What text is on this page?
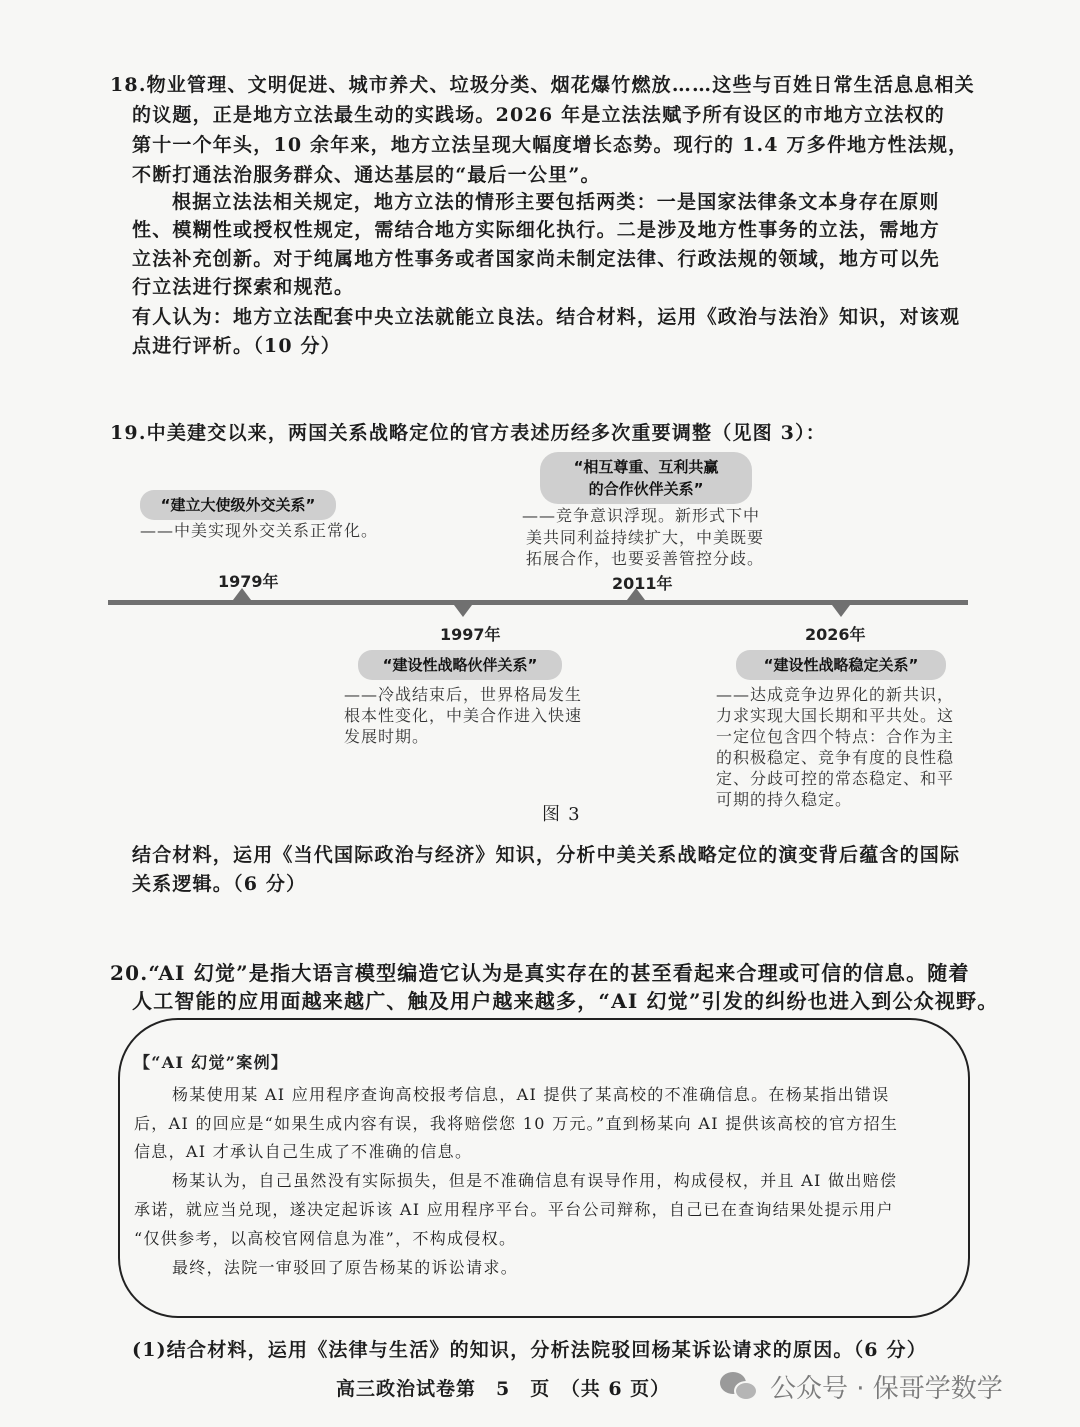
18.物业管理、文明促进、城市养犬、垃圾分类、烟花爆竹燃放……这些与百姓日常生活息息相关
的议题，正是地方立法最生动的实践场。2026 年是立法法赋予所有设区的市地方立法权的
第十一个年头，10 余年来，地方立法呈现大幅度增长态势。现行的 1.4 万多件地方性法规，
不断打通法治服务群众、通达基层的“最后一公里”。
根据立法法相关规定，地方立法的情形主要包括两类：一是国家法律条文本身存在原则
性、模糊性或授权性规定，需结合地方实际细化执行。二是涉及地方性事务的立法，需地方
立法补充创新。对于纯属地方性事务或者国家尚未制定法律、行政法规的领域，地方可以先
行立法进行探索和规范。
有人认为：地方立法配套中央立法就能立良法。结合材料，运用《政治与法治》知识，对该观
点进行评析。（10 分）
19.中美建交以来，两国关系战略定位的官方表述历经多次重要调整（见图 3）：
“建立大使级外交关系”
——中美实现外交关系正常化。
1979年
“相互尊重、互利共赢
的合作伙伴关系”
——竞争意识浮现。新形式下中
美共同利益持续扩大，中美既要
拓展合作，也要妥善管控分歧。
2011年
1997年
“建设性战略伙伴关系”
——冷战结束后，世界格局发生
根本性变化，中美合作进入快速
发展时期。
2026年
“建设性战略稳定关系”
——达成竞争边界化的新共识，
力求实现大国长期和平共处。这
一定位包含四个特点：合作为主
的积极稳定、竞争有度的良性稳
定、分歧可控的常态稳定、和平
可期的持久稳定。
图 3
结合材料，运用《当代国际政治与经济》知识，分析中美关系战略定位的演变背后蕴含的国际
关系逻辑。（6 分）
20.“AI 幻觉”是指大语言模型编造它认为是真实存在的甚至看起来合理或可信的信息。随着
人工智能的应用面越来越广、触及用户越来越多，“AI 幻觉”引发的纠纷也进入到公众视野。
【“AI 幻觉”案例】
杨某使用某 AI 应用程序查询高校报考信息，AI 提供了某高校的不准确信息。在杨某指出错误
后，AI 的回应是“如果生成内容有误，我将赔偿您 10 万元。”直到杨某向 AI 提供该高校的官方招生
信息，AI 才承认自己生成了不准确的信息。
杨某认为，自己虽然没有实际损失，但是不准确信息有误导作用，构成侵权，并且 AI 做出赔偿
承诺，就应当兑现，遂决定起诉该 AI 应用程序平台。平台公司辩称，自己已在查询结果处提示用户
“仅供参考，以高校官网信息为准”，不构成侵权。
最终，法院一审驳回了原告杨某的诉讼请求。
(1)结合材料，运用《法律与生活》的知识，分析法院驳回杨某诉讼请求的原因。（6 分）
高三政治试卷第　5　页　（共 6 页）	公众号 · 保哥学数学
